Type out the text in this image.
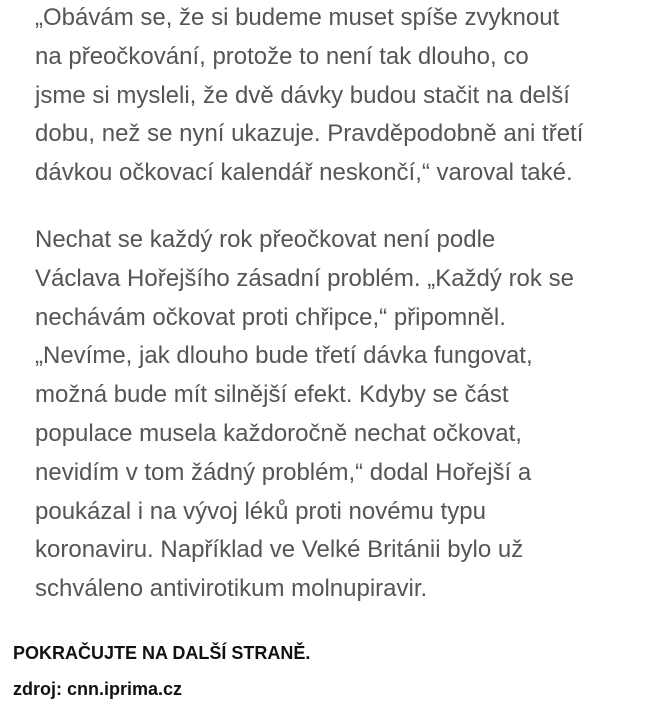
„Obávám se, že si budeme muset spíše zvyknout

na přeočkování, protože to není tak dlouho, co

jsme si mysleli, že dvě dávky budou stačit na delší

dobu, než se nyní ukazuje. Pravděpodobně ani třetí

dávkou očkovací kalendář neskončí,“ varoval také.

Nechat se každý rok přeočkovat není podle

Václava Hořejšího zásadní problém. „Každý rok se

nechávám očkovat proti chřipce,“ připomněl.

„Nevíme, jak dlouho bude třetí dávka fungovat,

možná bude mít silnější efekt. Kdyby se část

populace musela každoročně nechat očkovat,

nevidím v tom žádný problém,“ dodal Hořejší a

poukázal i na vývoj léků proti novému typu

koronaviru. Například ve Velké Británii bylo už

schváleno antivirotikum molnupiravir.

POKRAČUJTE NA DALŠÍ STRANĚ.
zdroj: cnn.iprima.cz
